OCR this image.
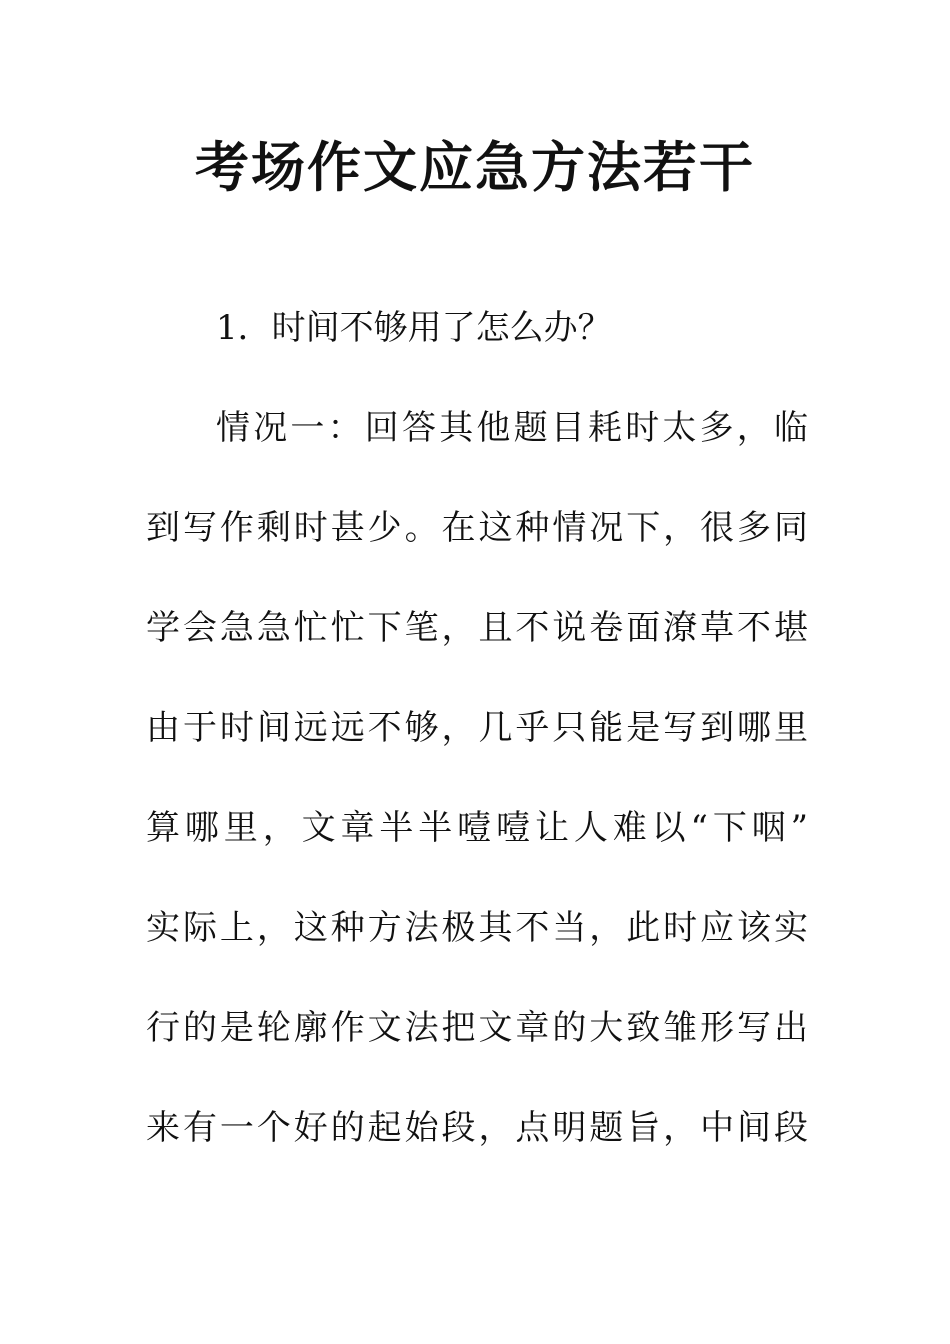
考场作文应急方法若干

1．时间不够用了怎么办？

情况一：回答其他题目耗时太多，临

到写作剩时甚少。在这种情况下，很多同

学会急急忙忙下笔，且不说卷面潦草不堪

由于时间远远不够，几乎只能是写到哪里

算哪里，文章半半噎噎让人难以“下咽”

实际上，这种方法极其不当，此时应该实

行的是轮廓作文法把文章的大致雏形写出

来有一个好的起始段，点明题旨，中间段
